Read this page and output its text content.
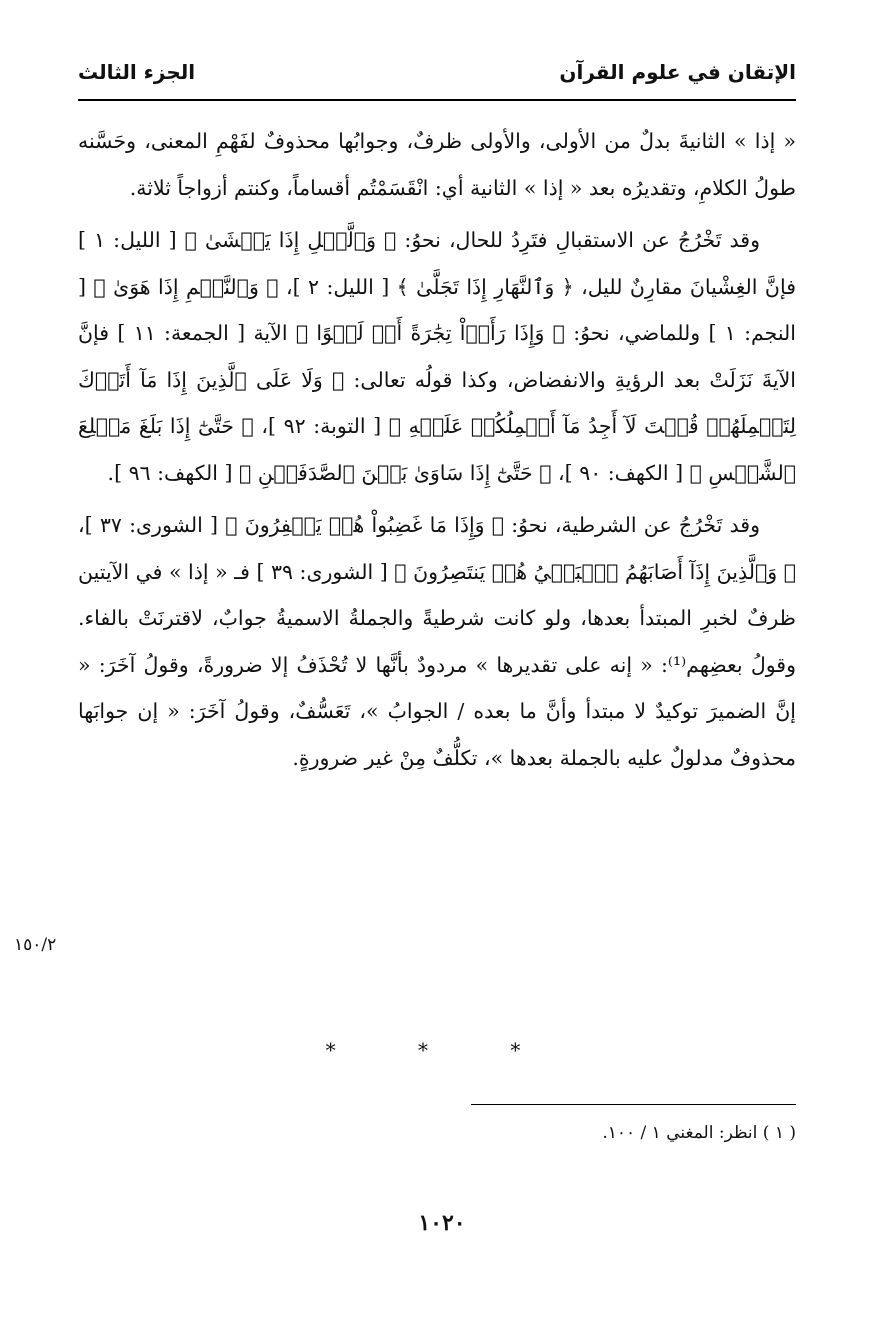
الإتقان في علوم القرآن
الجزء الثالث

« إذا » الثانيةَ بدلٌ من الأولى، والأولى ظرفٌ، وجوابُها محذوفٌ لفَهْمِ المعنى، وحَسَّنه طولُ الكلامِ، وتقديرُه بعد « إذا » الثانية أي: انْقَسَمْتُم أقساماً، وكنتم أزواجاً ثلاثة.

وقد تَخْرُجُ عن الاستقبالِ فتَرِدُ للحال، نحوُ: ﴿ وَٱلَّيۡلِ إِذَا يَغۡشَىٰ ﴾ [ الليل: ١ ] فإنَّ الغِشْيانَ مقارِنٌ لليل، ﴿ وَٱلنَّهَارِ إِذَا تَجَلَّىٰ ﴾ [ الليل: ٢ ]، ﴿ وَٱلنَّجۡمِ إِذَا هَوَىٰ ﴾ [ النجم: ١ ] وللماضي، نحوُ: ﴿ وَإِذَا رَأَوۡاْ تِجَٰرَةً أَوۡ لَهۡوًا ﴾ الآية [ الجمعة: ١١ ] فإنَّ الآيةَ نَزَلَتْ بعد الرؤيةِ والانفضاض، وكذا قولُه تعالى: ﴿ وَلَا عَلَى ٱلَّذِينَ إِذَا مَآ أَتَوۡكَ لِتَحۡمِلَهُمۡ قُلۡتَ لَآ أَجِدُ مَآ أَحۡمِلُكُمۡ عَلَيۡهِ ﴾ [ التوبة: ٩٢ ]، ﴿ حَتَّىٰٓ إِذَا بَلَغَ مَطۡلِعَ ٱلشَّمۡسِ ﴾ [ الكهف: ٩٠ ]، ﴿ حَتَّىٰٓ إِذَا سَاوَىٰ بَيۡنَ ٱلصَّدَفَيۡنِ ﴾ [ الكهف: ٩٦ ].

وقد تَخْرُجُ عن الشرطية، نحوُ: ﴿ وَإِذَا مَا غَضِبُواْ هُمۡ يَغۡفِرُونَ ﴾ [ الشورى: ٣٧ ]، ﴿ وَٱلَّذِينَ إِذَآ أَصَابَهُمُ ٱلۡبَغۡيُ هُمۡ يَنتَصِرُونَ ﴾ [ الشورى: ٣٩ ] فـ « إذا » في الآيتين ظرفٌ لخبرِ المبتدأ بعدها، ولو كانت شرطيةً والجملةُ الاسميةُ جوابٌ، لاقترنَتْ بالفاء. وقولُ بعضِهم⁽¹⁾: « إنه على تقديرها » مردودٌ بأنَّها لا تُحْذَفُ إلا ضرورةً، وقولُ آخَرَ: « إنَّ الضميرَ توكيدٌ لا مبتدأ وأنَّ ما بعده / الجوابُ »، تَعَسُّفٌ، وقولُ آخَرَ: « إن جوابَها محذوفٌ مدلولٌ عليه بالجملة بعدها »، تكلُّفٌ مِنْ غير ضرورةٍ.

١٥٠/٢
* * *
( ١ ) انظر: المغني ١ / ١٠٠.
١٠٢٠
